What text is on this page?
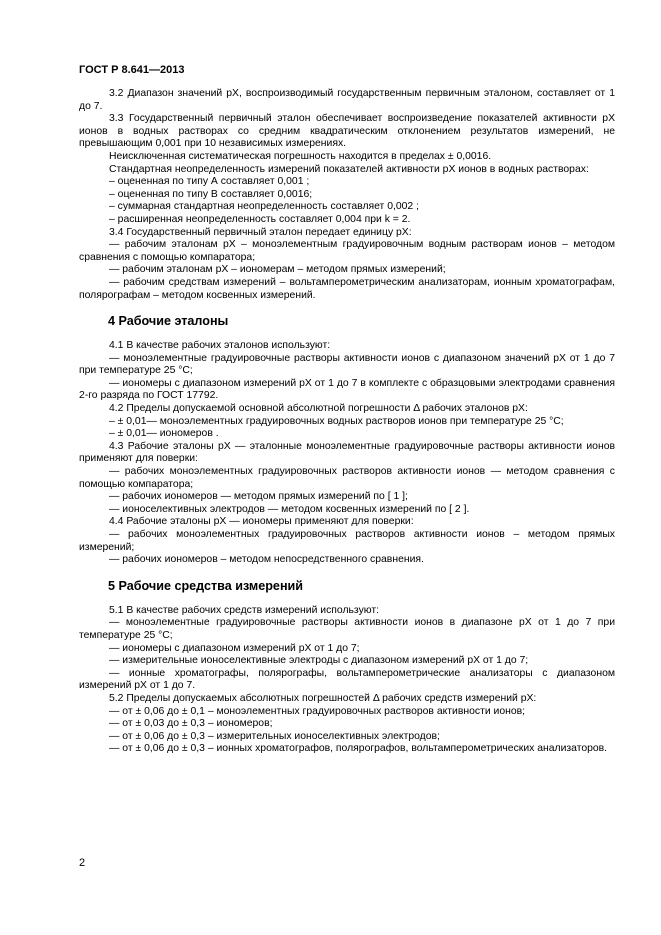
ГОСТ Р 8.641—2013

3.2 Диапазон значений pX, воспроизводимый государственным первичным эталоном, составляет от 1 до 7.

3.3 Государственный первичный эталон обеспечивает воспроизведение показателей активности pX ионов в водных растворах со средним квадратическим отклонением результатов измерений, не превышающим 0,001 при 10 независимых измерениях.

Неисключенная систематическая погрешность находится в пределах ± 0,0016.

Стандартная неопределенность измерений показателей активности pX ионов в водных растворах:

– оцененная по типу А составляет 0,001 ;

– оцененная по типу В составляет 0,0016;

– суммарная стандартная неопределенность составляет 0,002 ;

– расширенная неопределенность составляет 0,004 при k = 2.

3.4 Государственный первичный эталон передает единицу pX:

— рабочим эталонам pX – моноэлементным градуировочным водным растворам ионов – методом сравнения с помощью компаратора;

— рабочим эталонам pX – иономерам – методом прямых измерений;

— рабочим средствам измерений – вольтамперометрическим анализаторам, ионным хроматографам, полярографам – методом косвенных измерений.

4 Рабочие эталоны

4.1 В качестве рабочих эталонов используют:

— моноэлементные градуировочные растворы активности ионов с диапазоном значений pX от 1 до 7 при температуре 25 °С;

— иономеры с диапазоном измерений pX от 1 до 7 в комплекте с образцовыми электродами сравнения 2-го разряда по ГОСТ 17792.

4.2 Пределы допускаемой основной абсолютной погрешности Δ рабочих эталонов pX:

– ± 0,01— моноэлементных градуировочных водных растворов ионов при температуре 25 °С;

– ± 0,01— иономеров .

4.3 Рабочие эталоны pX — эталонные моноэлементные градуировочные растворы активности ионов применяют для поверки:

— рабочих моноэлементных градуировочных растворов активности ионов — методом сравнения с помощью компаратора;

— рабочих иономеров — методом прямых измерений по [ 1 ];

— ионоселективных электродов — методом косвенных измерений по [ 2 ].

4.4 Рабочие эталоны pX — иономеры применяют для поверки:

— рабочих моноэлементных градуировочных растворов активности ионов – методом прямых измерений;

— рабочих иономеров – методом непосредственного сравнения.

5 Рабочие средства измерений

5.1 В качестве рабочих средств измерений используют:

— моноэлементные градуировочные растворы активности ионов в диапазоне pX от 1 до 7 при температуре 25 °С;

— иономеры с диапазоном измерений pX от 1 до 7;

— измерительные ионоселективные электроды с диапазоном измерений pX от 1 до 7;

— ионные хроматографы, полярографы, вольтамперометрические анализаторы с диапазоном измерений pX от 1 до 7.

5.2 Пределы допускаемых абсолютных погрешностей Δ рабочих средств измерений pX:

— от ± 0,06 до ± 0,1 – моноэлементных градуировочных растворов активности ионов;

— от ± 0,03 до ± 0,3 – иономеров;

— от ± 0,06 до ± 0,3 – измерительных ионоселективных электродов;

— от ± 0,06 до ± 0,3 – ионных хроматографов, полярографов, вольтамперометрических анализаторов.

2
